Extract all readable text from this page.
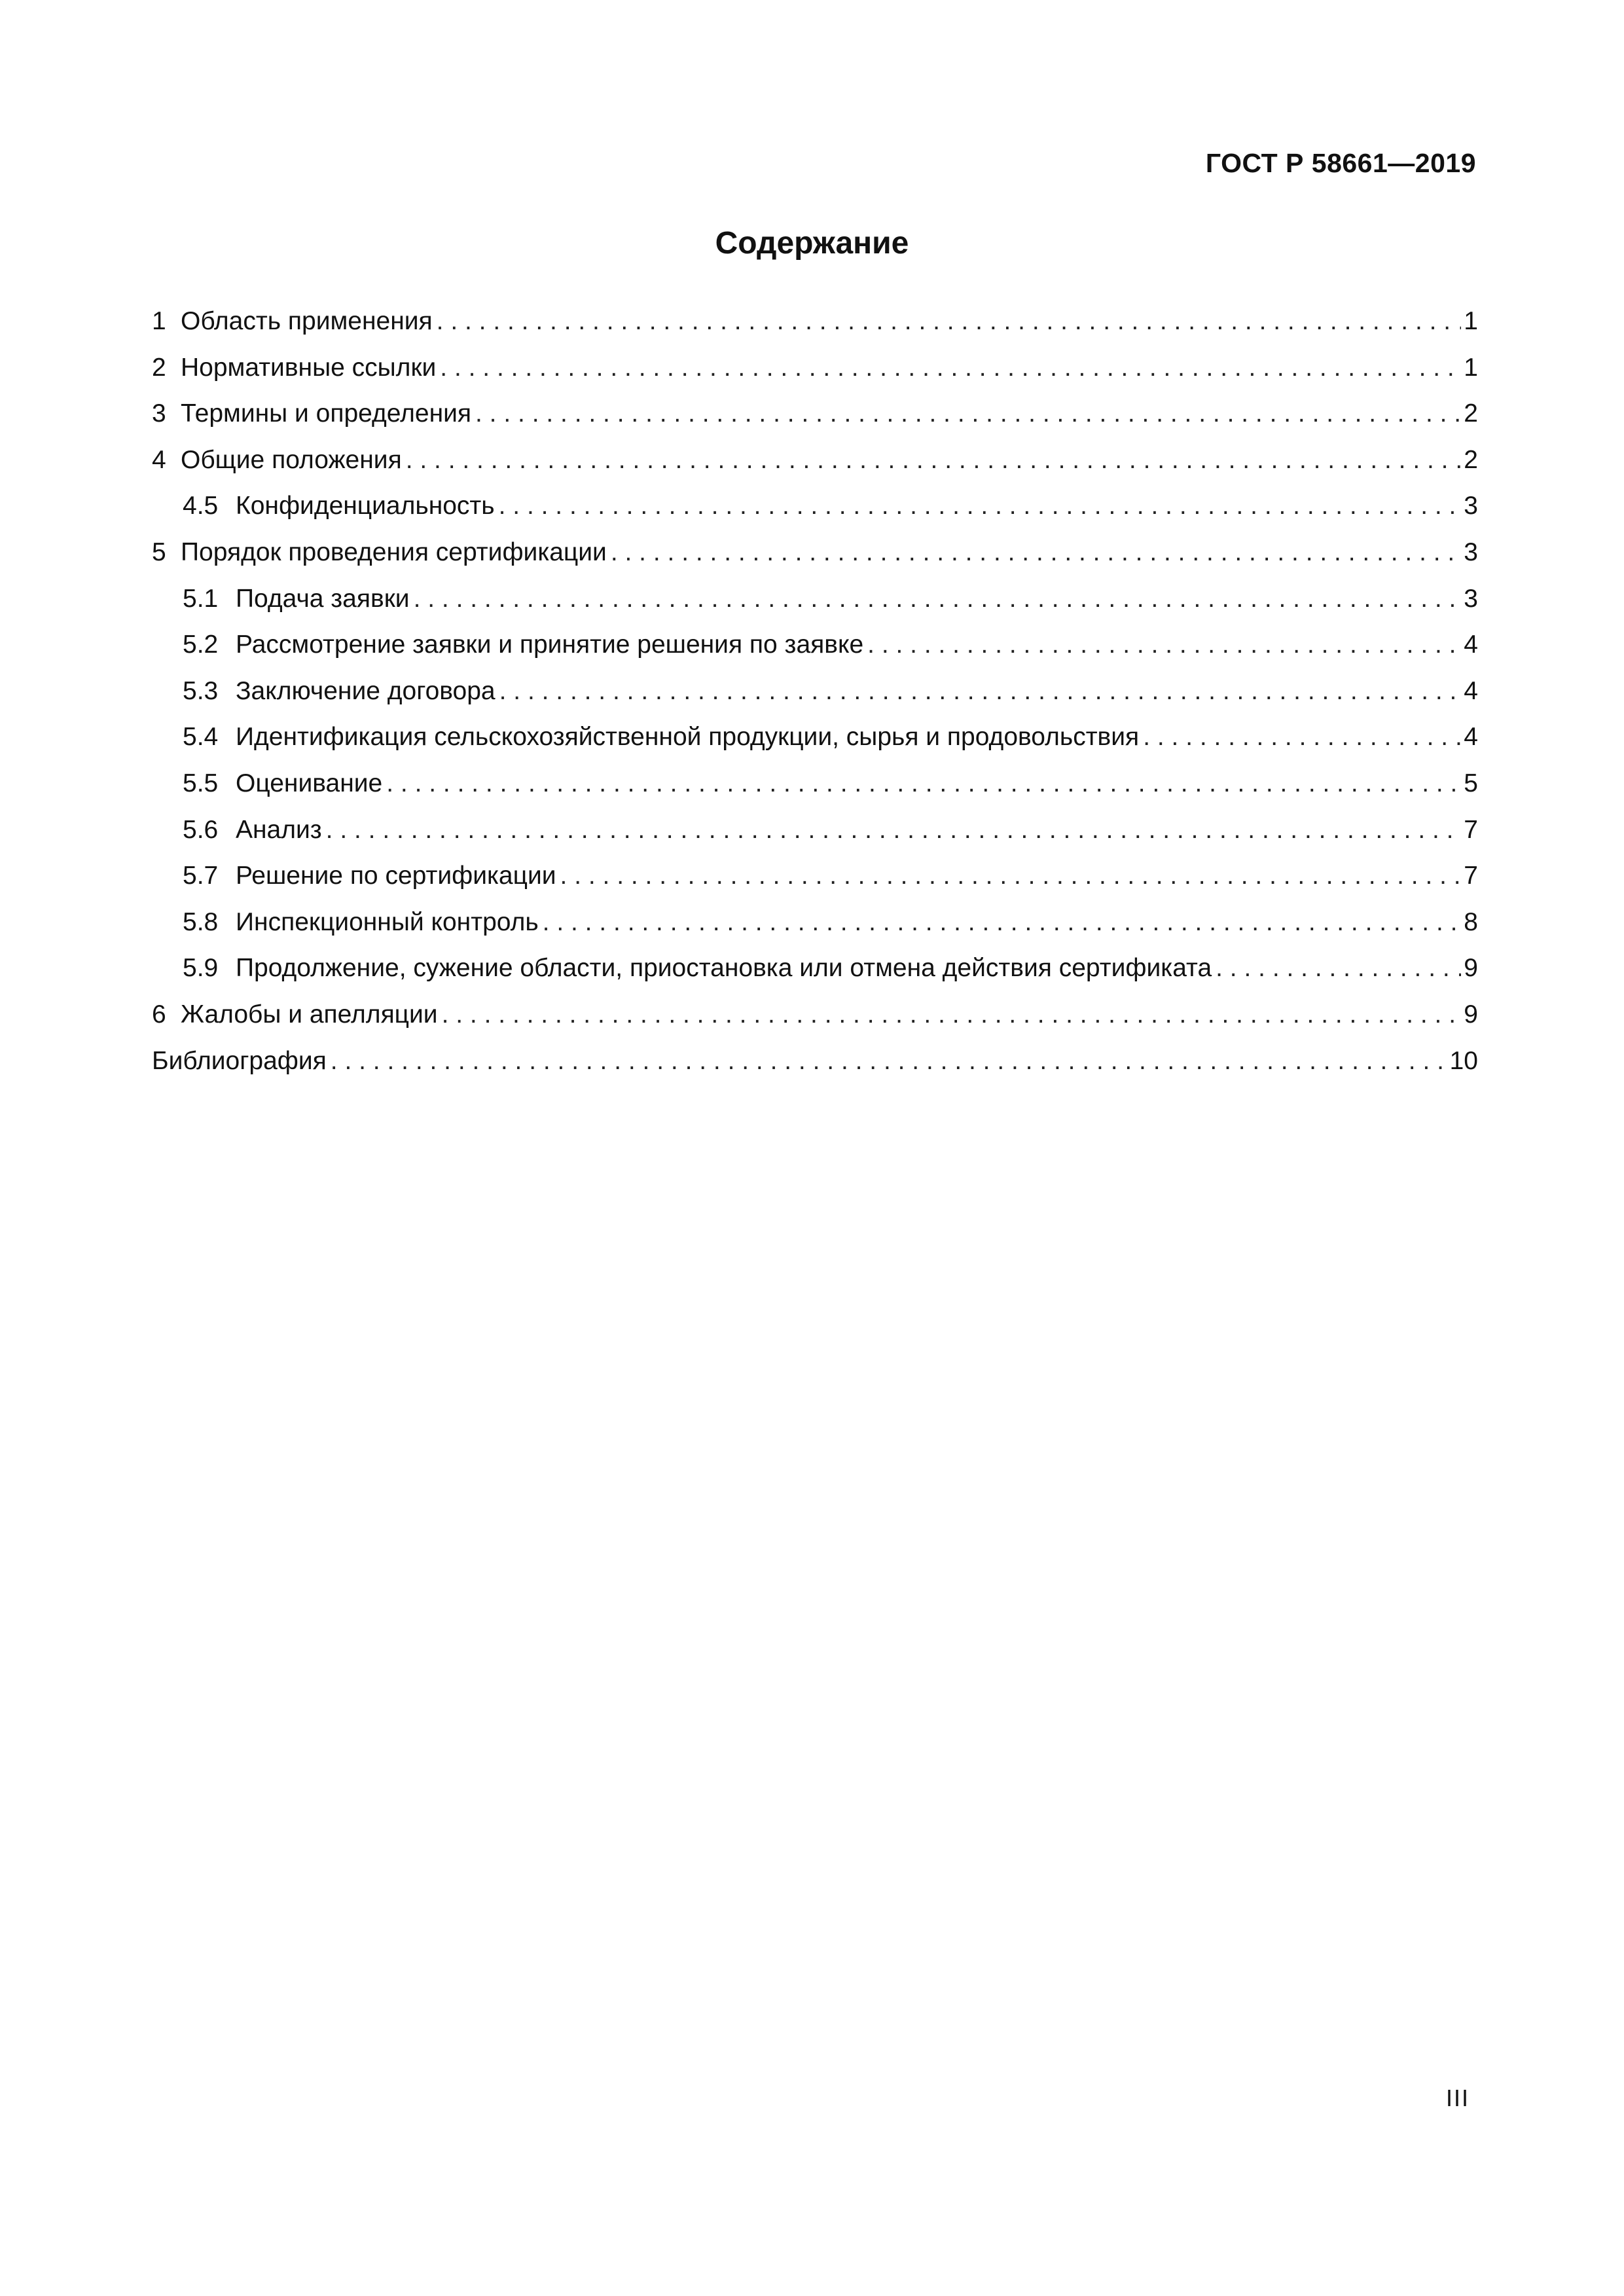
ГОСТ Р 58661—2019
Содержание
1 Область применения . . .	1
2 Нормативные ссылки . . .	1
3 Термины и определения . . .	2
4 Общие положения . . .	2
4.5 Конфиденциальность . . .	3
5 Порядок проведения сертификации . . .	3
5.1 Подача заявки . . .	3
5.2 Рассмотрение заявки и принятие решения по заявке . . .	4
5.3 Заключение договора . . .	4
5.4 Идентификация сельскохозяйственной продукции, сырья и продовольствия . . .	4
5.5 Оценивание . . .	5
5.6 Анализ . . .	7
5.7 Решение по сертификации . . .	7
5.8 Инспекционный контроль . . .	8
5.9 Продолжение, сужение области, приостановка или отмена действия сертификата . . .	9
6 Жалобы и апелляции . . .	9
Библиография . . .	10
III
